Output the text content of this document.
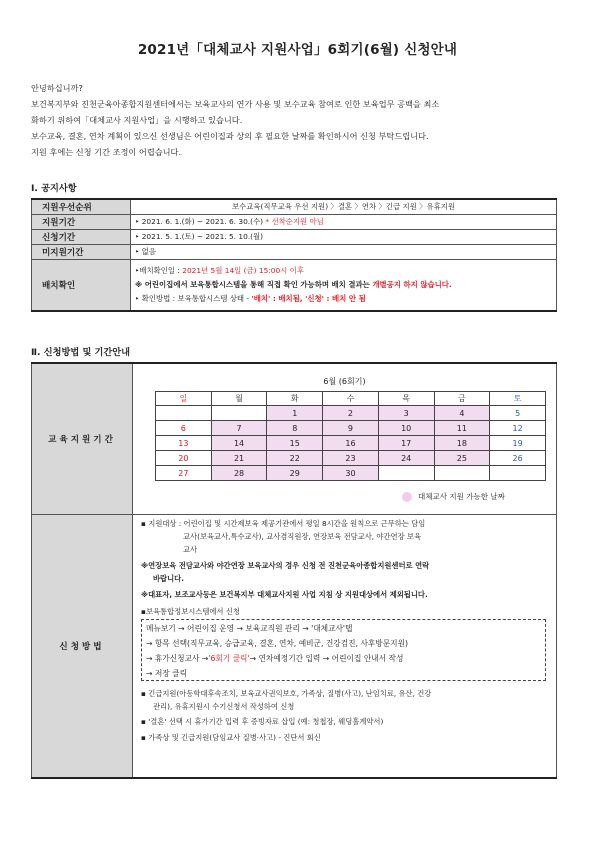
2021년「대체교사 지원사업」6회기(6월) 신청안내

안녕하십니까?

보건복지부와 진천군육아종합지원센터에서는 보육교사의 연가 사용 및 보수교육 참여로 인한 보육업무 공백을 최소

화하기 위하여「대체교사 지원사업」을 시행하고 있습니다.

보수교육, 결혼, 연차 계획이 있으신 선생님은 어린이집과 상의 후 필요한 날짜를 확인하시어 신청 부탁드립니다.

지원 후에는 신청 기간 조정이 어렵습니다.

Ⅰ. 공지사항
지원우선순위	보수교육(직무교육 우선 지원) 〉결혼 〉연차 〉긴급 지원 〉유휴지원
지원기간	‣ 2021. 6. 1.(화) ~ 2021. 6. 30.(수) * 선착순지원 아님
신청기간	‣ 2021. 5. 1.(토) ~ 2021. 5. 10.(월)
미지원기간	‣ 없음
배치확인	‣배치확인일 : 2021년 5월 14일 (금) 15:00시 이후
※ 어린이집에서 보육통합시스템을 통해 직접 확인 가능하며 배치 결과는 개별공지 하지 않습니다.
‣ 확인방법 : 보육통합시스템 상태 - '배치' : 배치됨, '신청' : 배치 안 됨
Ⅱ. 신청방법 및 기간안내
교육지원기간	
6월 (6회기)
일	월	화	수	목	금	토
		1	2	3	4	5
6	7	8	9	10	11	12
13	14	15	16	17	18	19
20	21	22	23	24	25	26
27	28	29	30			
대체교사 지원 가능한 날짜

신청방법	
▪ 지원대상 : 어린이집 및 시간제보육 제공기관에서 평일 8시간을 원칙으로 근무하는 담임
교사(보육교사,특수교사), 교사겸직원장, 연장보육 전담교사, 야간연장 보육
교사
※연장보육 전담교사와 야간연장 보육교사의 경우 신청 전 진천군육아종합지원센터로 연락
바랍니다.
※대표자, 보조교사등은 보건복지부 대체교사지원 사업 지침 상 지원대상에서 제외됩니다.
▪보육통합정보시스템에서 신청
메뉴보기 → 어린이집 운영 → 보육교직원 관리 → '대체교사'탭
→ 항목 선택(직무교육, 승급교육, 결혼, 연차, 예비군, 건강검진, 사후방문지원)
→ 휴가신청교사 →'6회기 클릭'→ 연차예정기간 입력 → 어린이집 안내서 작성
→ 저장 클릭
▪ 긴급지원(아동학대후속조치, 보육교사권익보호, 가족상, 질병(사고), 난임치료, 유산, 건강
관리), 유휴지원시 수기신청서 작성하여 신청
▪ '결혼' 선택 시 휴가기간 입력 후 증빙자료 삽입 (예: 청첩장, 웨딩홀계약서)
▪ 가족상 및 긴급지원(담임교사 질병·사고) - 진단서 회신
